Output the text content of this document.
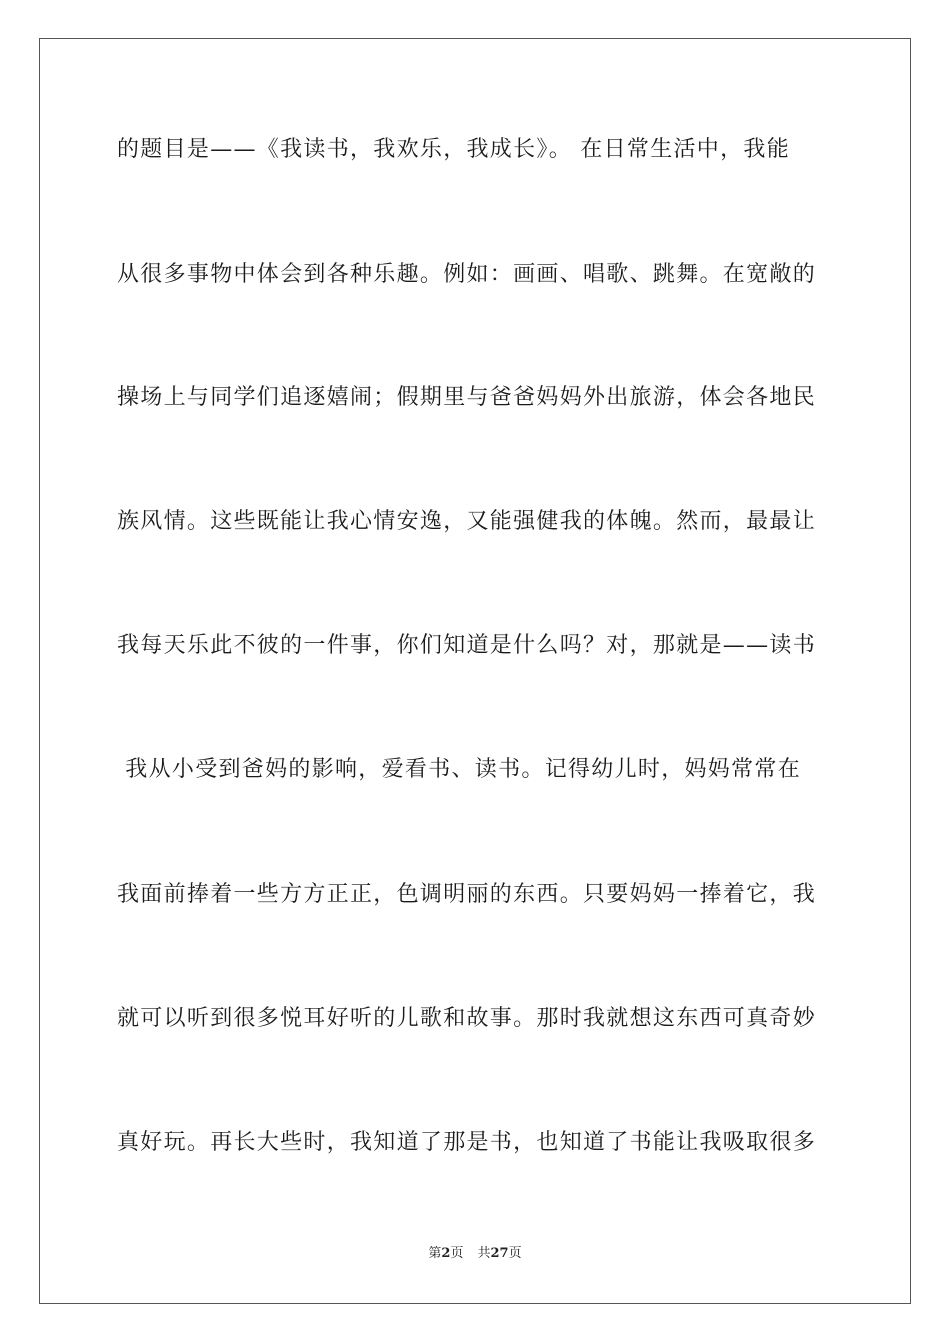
的题目是——《我读书，我欢乐，我成长》。 在日常生活中，我能
从很多事物中体会到各种乐趣。例如：画画、唱歌、跳舞。在宽敞的
操场上与同学们追逐嬉闹；假期里与爸爸妈妈外出旅游，体会各地民
族风情。这些既能让我心情安逸，又能强健我的体魄。然而，最最让
我每天乐此不彼的一件事，你们知道是什么吗？对，那就是——读书
我从小受到爸妈的影响，爱看书、读书。记得幼儿时，妈妈常常在
我面前捧着一些方方正正，色调明丽的东西。只要妈妈一捧着它，我
就可以听到很多悦耳好听的儿歌和故事。那时我就想这东西可真奇妙
真好玩。再长大些时，我知道了那是书，也知道了书能让我吸取很多
第2页 共27页
